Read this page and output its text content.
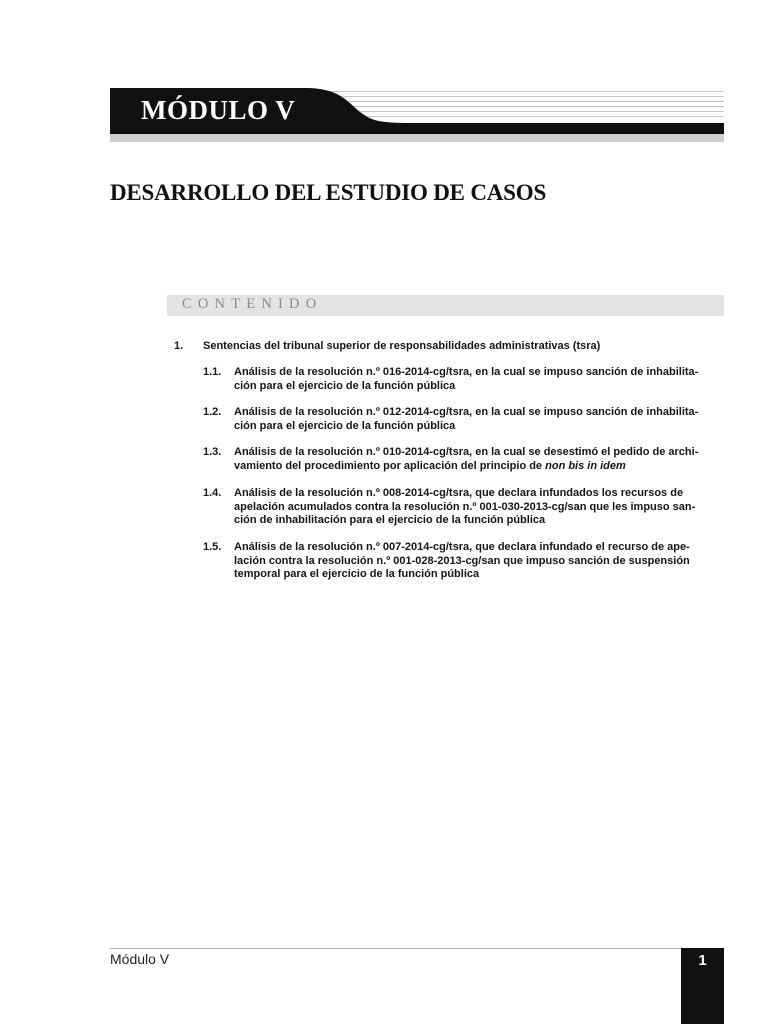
MÓDULO V
DESARROLLO DEL ESTUDIO DE CASOS
CONTENIDO
1. Sentencias del tribunal superior de responsabilidades administrativas (tsra)
1.1. Análisis de la resolución n.º 016-2014-cg/tsra, en la cual se impuso sanción de inhabilita-
ción para el ejercicio de la función pública
1.2. Análisis de la resolución n.º 012-2014-cg/tsra, en la cual se impuso sanción de inhabilita-
ción para el ejercicio de la función pública
1.3. Análisis de la resolución n.º 010-2014-cg/tsra, en la cual se desestimó el pedido de archi-
vamiento del procedimiento por aplicación del principio de non bis in idem
1.4. Análisis de la resolución n.º 008-2014-cg/tsra, que declara infundados los recursos de
apelación acumulados contra la resolución n.º 001-030-2013-cg/san que les impuso san-
ción de inhabilitación para el ejercicio de la función pública
1.5. Análisis de la resolución n.º 007-2014-cg/tsra, que declara infundado el recurso de ape-
lación contra la resolución n.º 001-028-2013-cg/san que impuso sanción de suspensión
temporal para el ejercicio de la función pública
Módulo V	1
